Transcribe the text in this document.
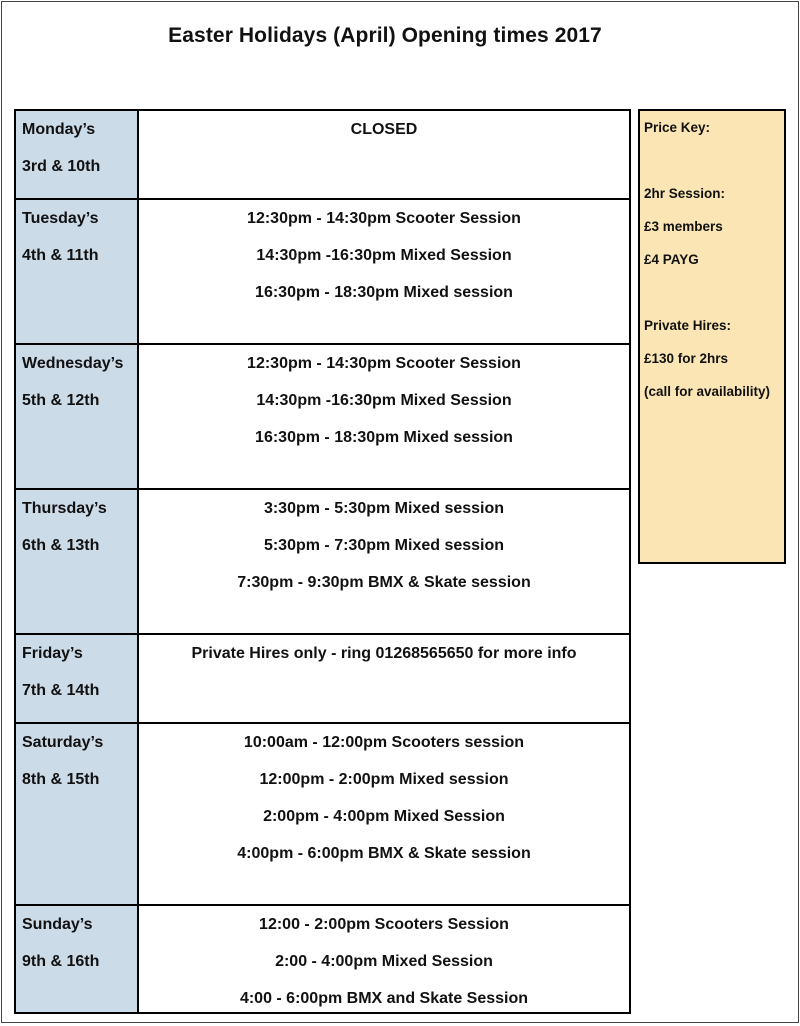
Easter Holidays (April) Opening times 2017
Monday’s
3rd & 10th
CLOSED
Tuesday’s
4th & 11th
12:30pm - 14:30pm Scooter Session
14:30pm -16:30pm Mixed Session
16:30pm - 18:30pm Mixed session
Wednesday’s
5th & 12th
12:30pm - 14:30pm Scooter Session
14:30pm -16:30pm Mixed Session
16:30pm - 18:30pm Mixed session
Thursday’s
6th & 13th
3:30pm - 5:30pm Mixed session
5:30pm - 7:30pm Mixed session
7:30pm - 9:30pm BMX & Skate session
Friday’s
7th & 14th
Private Hires only - ring 01268565650 for more info
Saturday’s
8th & 15th
10:00am - 12:00pm Scooters session
12:00pm - 2:00pm Mixed session
2:00pm - 4:00pm Mixed Session
4:00pm - 6:00pm BMX & Skate session
Sunday’s
9th & 16th
12:00 - 2:00pm Scooters Session
2:00 - 4:00pm Mixed Session
4:00 - 6:00pm BMX and Skate Session
Price Key:
2hr Session:
£3 members
£4 PAYG
Private Hires:
£130 for 2hrs
(call for availability)
